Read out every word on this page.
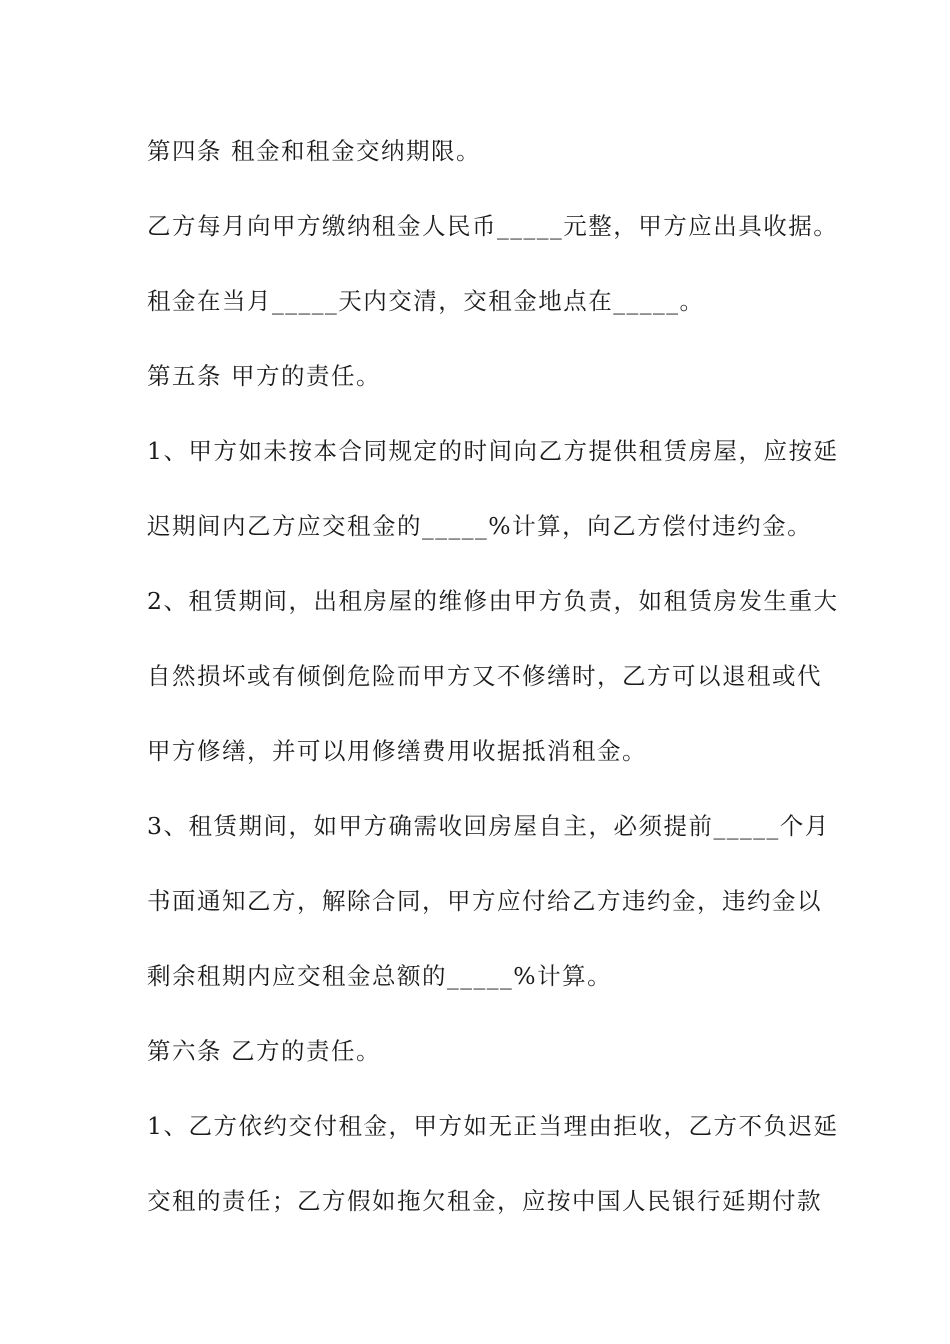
第四条 租金和租金交纳期限。
乙方每月向甲方缴纳租金人民币_____元整，甲方应出具收据。
租金在当月_____天内交清，交租金地点在_____。
第五条 甲方的责任。
1、甲方如未按本合同规定的时间向乙方提供租赁房屋，应按延
迟期间内乙方应交租金的_____%计算，向乙方偿付违约金。
2、租赁期间，出租房屋的维修由甲方负责，如租赁房发生重大
自然损坏或有倾倒危险而甲方又不修缮时，乙方可以退租或代
甲方修缮，并可以用修缮费用收据抵消租金。
3、租赁期间，如甲方确需收回房屋自主，必须提前_____个月
书面通知乙方，解除合同，甲方应付给乙方违约金，违约金以
剩余租期内应交租金总额的_____%计算。
第六条 乙方的责任。
1、乙方依约交付租金，甲方如无正当理由拒收，乙方不负迟延
交租的责任；乙方假如拖欠租金，应按中国人民银行延期付款
